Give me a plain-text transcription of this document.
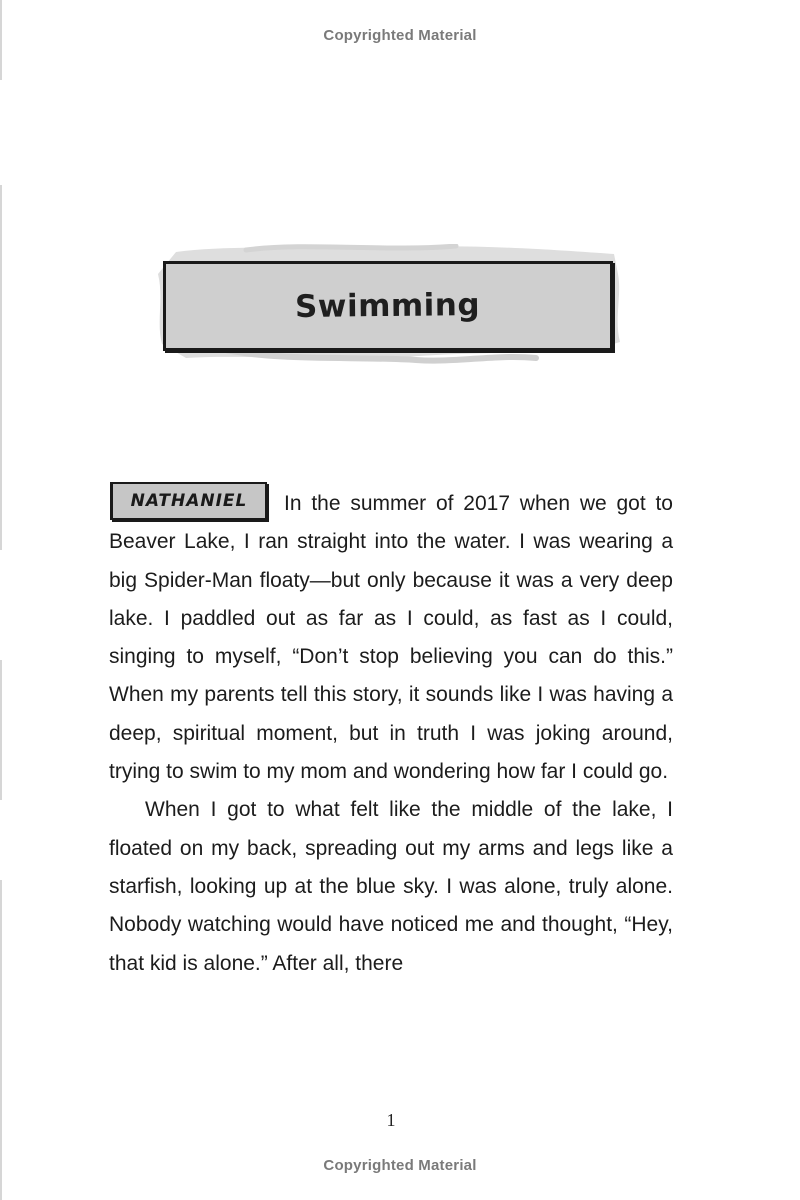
Copyrighted Material
Swimming
NATHANIEL	In the summer of 2017 when we got to Beaver Lake, I ran straight into the water. I was wearing a big Spider-Man floaty—but only because it was a very deep lake. I paddled out as far as I could, as fast as I could, singing to myself, “Don’t stop believing you can do this.” When my parents tell this story, it sounds like I was having a deep, spiritual moment, but in truth I was joking around, trying to swim to my mom and wondering how far I could go.

When I got to what felt like the middle of the lake, I floated on my back, spreading out my arms and legs like a starfish, looking up at the blue sky. I was alone, truly alone. Nobody watching would have noticed me and thought, “Hey, that kid is alone.” After all, there

1
Copyrighted Material
